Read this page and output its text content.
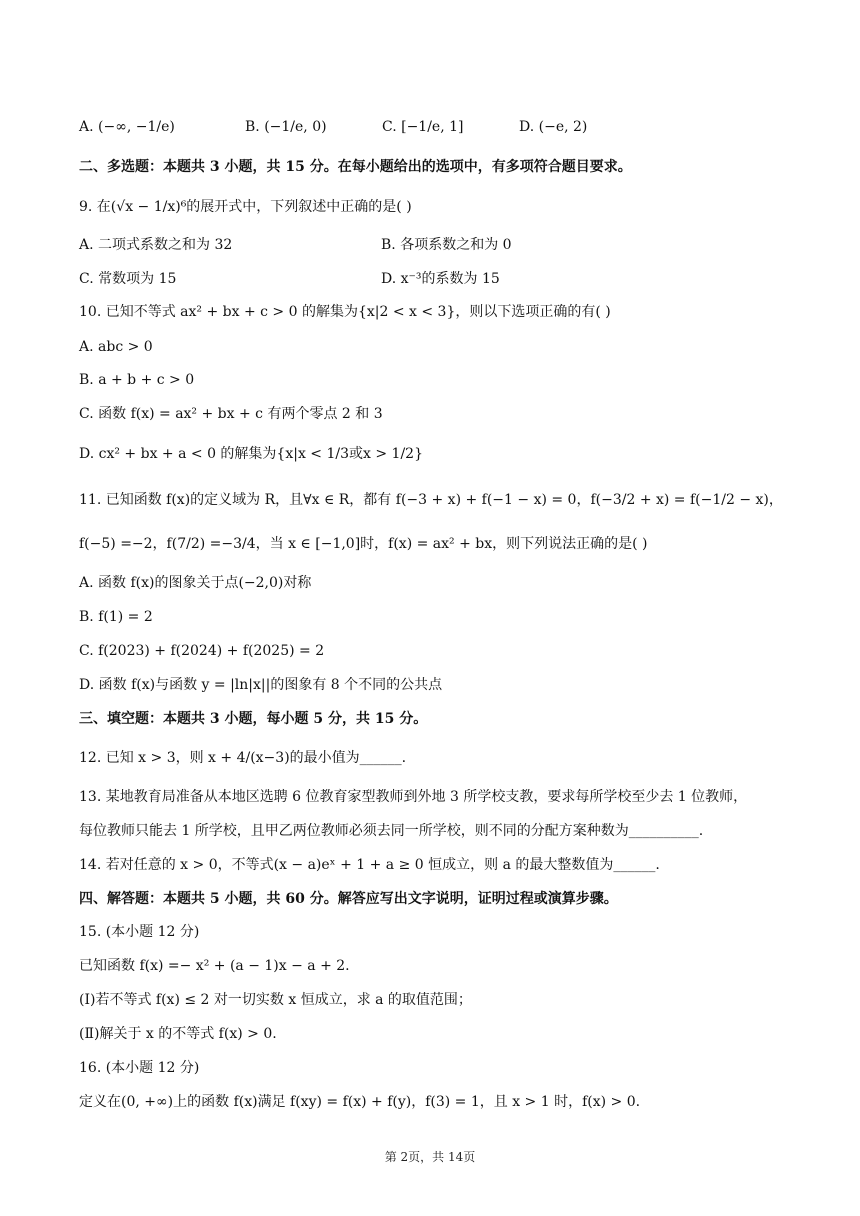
A. (−∞, −1/e)	B. (−1/e, 0)	C. [−1/e, 1]	D. (−e, 2)
二、多选题：本题共 3 小题，共 15 分。在每小题给出的选项中，有多项符合题目要求。
9. 在(√x − 1/x)⁶的展开式中，下列叙述中正确的是( )
A. 二项式系数之和为 32	B. 各项系数之和为 0
C. 常数项为 15	D. x⁻³的系数为 15
10. 已知不等式 ax² + bx + c > 0 的解集为{x|2 < x < 3}，则以下选项正确的有( )
A. abc > 0
B. a + b + c > 0
C. 函数 f(x) = ax² + bx + c 有两个零点 2 和 3
D. cx² + bx + a < 0 的解集为{x|x < 1/3或x > 1/2}
11. 已知函数 f(x)的定义域为 R，且∀x ∈ R，都有 f(−3 + x) + f(−1 − x) = 0，f(−3/2 + x) = f(−1/2 − x)，
f(−5) =−2，f(7/2) =−3/4，当 x ∈ [−1,0]时，f(x) = ax² + bx，则下列说法正确的是( )
A. 函数 f(x)的图象关于点(−2,0)对称
B. f(1) = 2
C. f(2023) + f(2024) + f(2025) = 2
D. 函数 f(x)与函数 y = |ln|x||的图象有 8 个不同的公共点
三、填空题：本题共 3 小题，每小题 5 分，共 15 分。
12. 已知 x > 3，则 x + 4/(x−3)的最小值为______.
13. 某地教育局准备从本地区选聘 6 位教育家型教师到外地 3 所学校支教，要求每所学校至少去 1 位教师，
每位教师只能去 1 所学校，且甲乙两位教师必须去同一所学校，则不同的分配方案种数为__________.
14. 若对任意的 x > 0，不等式(x − a)eˣ + 1 + a ≥ 0 恒成立，则 a 的最大整数值为______.
四、解答题：本题共 5 小题，共 60 分。解答应写出文字说明，证明过程或演算步骤。
15. (本小题 12 分)
已知函数 f(x) =− x² + (a − 1)x − a + 2.
(Ⅰ)若不等式 f(x) ≤ 2 对一切实数 x 恒成立，求 a 的取值范围；
(Ⅱ)解关于 x 的不等式 f(x) > 0.
16. (本小题 12 分)
定义在(0, +∞)上的函数 f(x)满足 f(xy) = f(x) + f(y)，f(3) = 1，且 x > 1 时，f(x) > 0.
第 2页，共 14页
